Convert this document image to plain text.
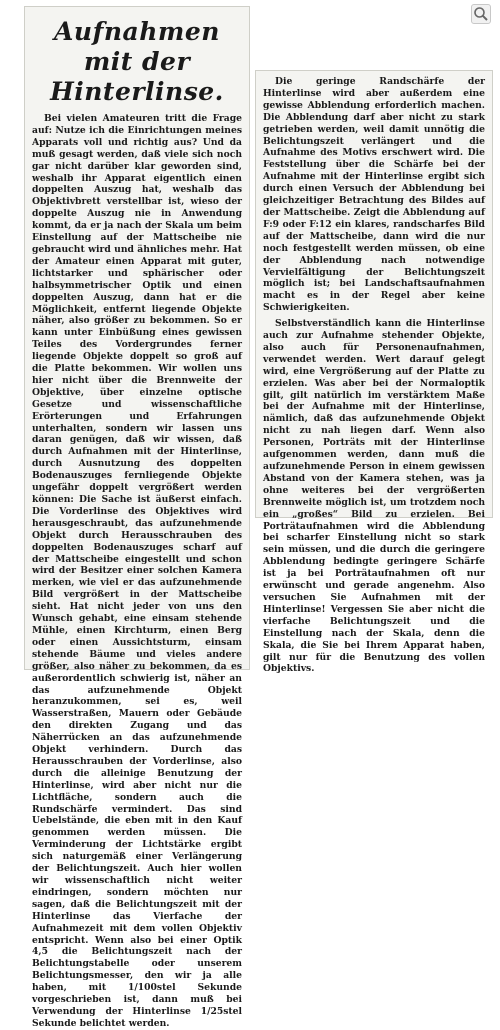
Aufnahmen mit der
Hinterlinse.

Bei vielen Amateuren tritt die Frage auf: Nutze ich die Einrichtungen meines Apparats voll und richtig aus? Und da muß gesagt werden, daß viele sich noch gar nicht darüber klar geworden sind, weshalb ihr Apparat eigentlich einen doppelten Auszug hat, weshalb das Objektivbrett verstellbar ist, wieso der doppelte Auszug nie in Anwendung kommt, da er ja nach der Skala um beim Einstellung auf der Mattscheibe nie gebraucht wird und ähnliches mehr. Hat der Amateur einen Apparat mit guter, lichtstarker und sphärischer oder halbsymmetrischer Optik und einen doppelten Auszug, dann hat er die Möglichkeit, entfernt liegende Objekte näher, also größer zu bekommen. So er kann unter Einbüßung eines gewissen Teiles des Vordergrundes ferner liegende Objekte doppelt so groß auf die Platte bekommen. Wir wollen uns hier nicht über die Brennweite der Objektive, über einzelne optische Gesetze und wissenschaftliche Erörterungen und Erfahrungen unterhalten, sondern wir lassen uns daran genügen, daß wir wissen, daß durch Aufnahmen mit der Hinterlinse, durch Ausnutzung des doppelten Bodenauszuges fernliegende Objekte ungefähr doppelt vergrößert werden können: Die Sache ist äußerst einfach. Die Vorderlinse des Objektives wird herausgeschraubt, das aufzunehmende Objekt durch Herausschrauben des doppelten Bodenauszuges scharf auf der Mattscheibe eingestellt und schon wird der Besitzer einer solchen Kamera merken, wie viel er das aufzunehmende Bild vergrößert in der Mattscheibe sieht. Hat nicht jeder von uns den Wunsch gehabt, eine einsam stehende Mühle, einen Kirchturm, einen Berg oder einen Aussichtsturm, einsam stehende Bäume und vieles andere größer, also näher zu bekommen, da es außerordentlich schwierig ist, näher an das aufzunehmende Objekt heranzukommen, sei es, weil Wasserstraßen, Mauern oder Gebäude den direkten Zugang und das Näherrücken an das aufzunehmende Objekt verhindern. Durch das Herausschrauben der Vorderlinse, also durch die alleinige Benutzung der Hinterlinse, wird aber nicht nur die Lichtfläche, sondern auch die Rundschärfe vermindert. Das sind Uebelstände, die eben mit in den Kauf genommen werden müssen. Die Verminderung der Lichtstärke ergibt sich naturgemäß einer Verlängerung der Belichtungszeit. Auch hier wollen wir wissenschaftlich nicht weiter eindringen, sondern möchten nur sagen, daß die Belichtungszeit mit der Hinterlinse das Vierfache der Aufnahmezeit mit dem vollen Objektiv entspricht. Wenn also bei einer Optik 4,5 die Belichtungszeit nach der Belichtungstabelle oder unserem Belichtungsmesser, den wir ja alle haben, mit 1/100stel Sekunde vorgeschrieben ist, dann muß bei Verwendung der Hinterlinse 1/25stel Sekunde belichtet werden.

Die geringe Randschärfe der Hinterlinse wird aber außerdem eine gewisse Abblendung erforderlich machen. Die Abblendung darf aber nicht zu stark getrieben werden, weil damit unnötig die Belichtungszeit verlängert und die Aufnahme des Motivs erschwert wird. Die Feststellung über die Schärfe bei der Aufnahme mit der Hinterlinse ergibt sich durch einen Versuch der Abblendung bei gleichzeitiger Betrachtung des Bildes auf der Mattscheibe. Zeigt die Abblendung auf F:9 oder F:12 ein klares, randscharfes Bild auf der Mattscheibe, dann wird die nur noch festgestellt werden müssen, ob eine der Abblendung nach notwendige Vervielfältigung der Belichtungszeit möglich ist; bei Landschaftsaufnahmen macht es in der Regel aber keine Schwierigkeiten.

Selbstverständlich kann die Hinterlinse auch zur Aufnahme stehender Objekte, also auch für Personenaufnahmen, verwendet werden. Wert darauf gelegt wird, eine Vergrößerung auf der Platte zu erzielen. Was aber bei der Normaloptik gilt, gilt natürlich im verstärktem Maße bei der Aufnahme mit der Hinterlinse, nämlich, daß das aufzunehmende Objekt nicht zu nah liegen darf. Wenn also Personen, Porträts mit der Hinterlinse aufgenommen werden, dann muß die aufzunehmende Person in einem gewissen Abstand von der Kamera stehen, was ja ohne weiteres bei der vergrößerten Brennweite möglich ist, um trotzdem noch ein „großes“ Bild zu erzielen. Bei Porträtaufnahmen wird die Abblendung bei scharfer Einstellung nicht so stark sein müssen, und die durch die geringere Abblendung bedingte geringere Schärfe ist ja bei Porträtaufnahmen oft nur erwünscht und gerade angenehm. Also versuchen Sie Aufnahmen mit der Hinterlinse! Vergessen Sie aber nicht die vierfache Belichtungszeit und die Einstellung nach der Skala, denn die Skala, die Sie bei Ihrem Apparat haben, gilt nur für die Benutzung des vollen Objektivs.
